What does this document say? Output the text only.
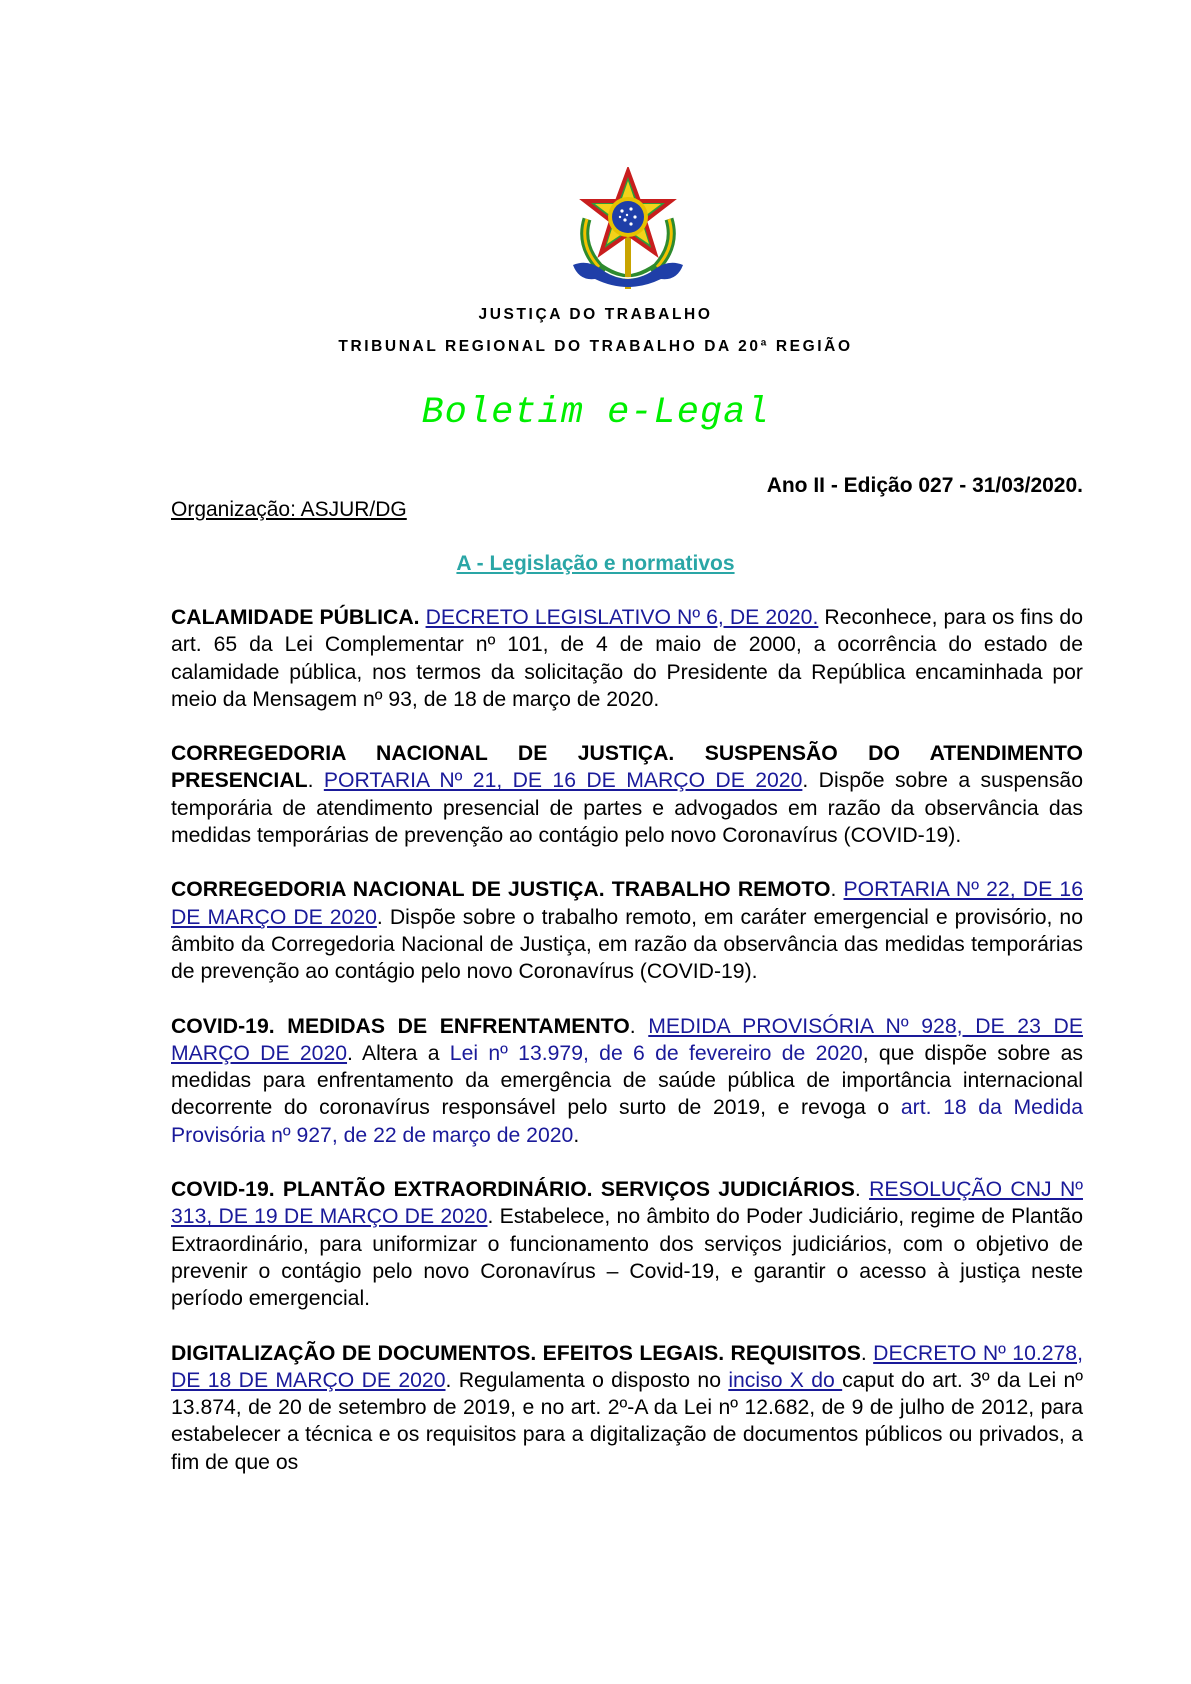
JUSTIÇA DO TRABALHO
TRIBUNAL REGIONAL DO TRABALHO DA 20ª REGIÃO
Boletim e-Legal
Ano II - Edição 027 - 31/03/2020.
Organização: ASJUR/DG
A - Legislação e normativos

CALAMIDADE PÚBLICA. DECRETO LEGISLATIVO Nº 6, DE 2020. Reconhece, para os fins do art. 65 da Lei Complementar nº 101, de 4 de maio de 2000, a ocorrência do estado de calamidade pública, nos termos da solicitação do Presidente da República encaminhada por meio da Mensagem nº 93, de 18 de março de 2020.

CORREGEDORIA NACIONAL DE JUSTIÇA. SUSPENSÃO DO ATENDIMENTO PRESENCIAL. PORTARIA Nº 21, DE 16 DE MARÇO DE 2020. Dispõe sobre a suspensão temporária de atendimento presencial de partes e advogados em razão da observância das medidas temporárias de prevenção ao contágio pelo novo Coronavírus (COVID-19).

CORREGEDORIA NACIONAL DE JUSTIÇA. TRABALHO REMOTO. PORTARIA Nº 22, DE 16 DE MARÇO DE 2020. Dispõe sobre o trabalho remoto, em caráter emergencial e provisório, no âmbito da Corregedoria Nacional de Justiça, em razão da observância das medidas temporárias de prevenção ao contágio pelo novo Coronavírus (COVID-19).

COVID-19. MEDIDAS DE ENFRENTAMENTO. MEDIDA PROVISÓRIA Nº 928, DE 23 DE MARÇO DE 2020. Altera a Lei nº 13.979, de 6 de fevereiro de 2020, que dispõe sobre as medidas para enfrentamento da emergência de saúde pública de importância internacional decorrente do coronavírus responsável pelo surto de 2019, e revoga o art. 18 da Medida Provisória nº 927, de 22 de março de 2020.

COVID-19. PLANTÃO EXTRAORDINÁRIO. SERVIÇOS JUDICIÁRIOS. RESOLUÇÃO CNJ Nº 313, DE 19 DE MARÇO DE 2020. Estabelece, no âmbito do Poder Judiciário, regime de Plantão Extraordinário, para uniformizar o funcionamento dos serviços judiciários, com o objetivo de prevenir o contágio pelo novo Coronavírus – Covid-19, e garantir o acesso à justiça neste período emergencial.

DIGITALIZAÇÃO DE DOCUMENTOS. EFEITOS LEGAIS. REQUISITOS. DECRETO Nº 10.278, DE 18 DE MARÇO DE 2020. Regulamenta o disposto no inciso X do caput do art. 3º da Lei nº 13.874, de 20 de setembro de 2019, e no art. 2º-A da Lei nº 12.682, de 9 de julho de 2012, para estabelecer a técnica e os requisitos para a digitalização de documentos públicos ou privados, a fim de que os
